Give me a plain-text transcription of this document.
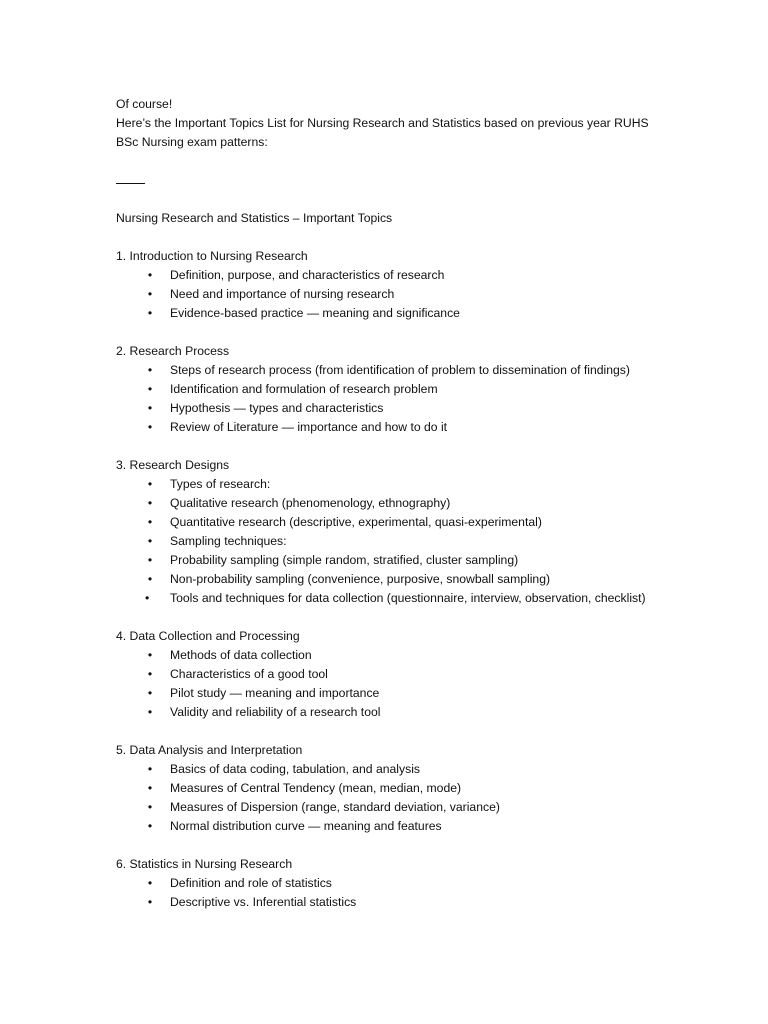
Of course!

Here’s the Important Topics List for Nursing Research and Statistics based on previous year RUHS

BSc Nursing exam patterns:

Nursing Research and Statistics – Important Topics

1. Introduction to Nursing Research

• Definition, purpose, and characteristics of research
• Need and importance of nursing research
• Evidence-based practice — meaning and significance

2. Research Process

• Steps of research process (from identification of problem to dissemination of findings)
• Identification and formulation of research problem
• Hypothesis — types and characteristics
• Review of Literature — importance and how to do it

3. Research Designs

• Types of research:
• Qualitative research (phenomenology, ethnography)
• Quantitative research (descriptive, experimental, quasi-experimental)
• Sampling techniques:
• Probability sampling (simple random, stratified, cluster sampling)
• Non-probability sampling (convenience, purposive, snowball sampling)
•	Tools and techniques for data collection (questionnaire, interview, observation, checklist)

4. Data Collection and Processing

• Methods of data collection
• Characteristics of a good tool
• Pilot study — meaning and importance
• Validity and reliability of a research tool

5. Data Analysis and Interpretation

• Basics of data coding, tabulation, and analysis
• Measures of Central Tendency (mean, median, mode)
• Measures of Dispersion (range, standard deviation, variance)
• Normal distribution curve — meaning and features

6. Statistics in Nursing Research

• Definition and role of statistics
• Descriptive vs. Inferential statistics
